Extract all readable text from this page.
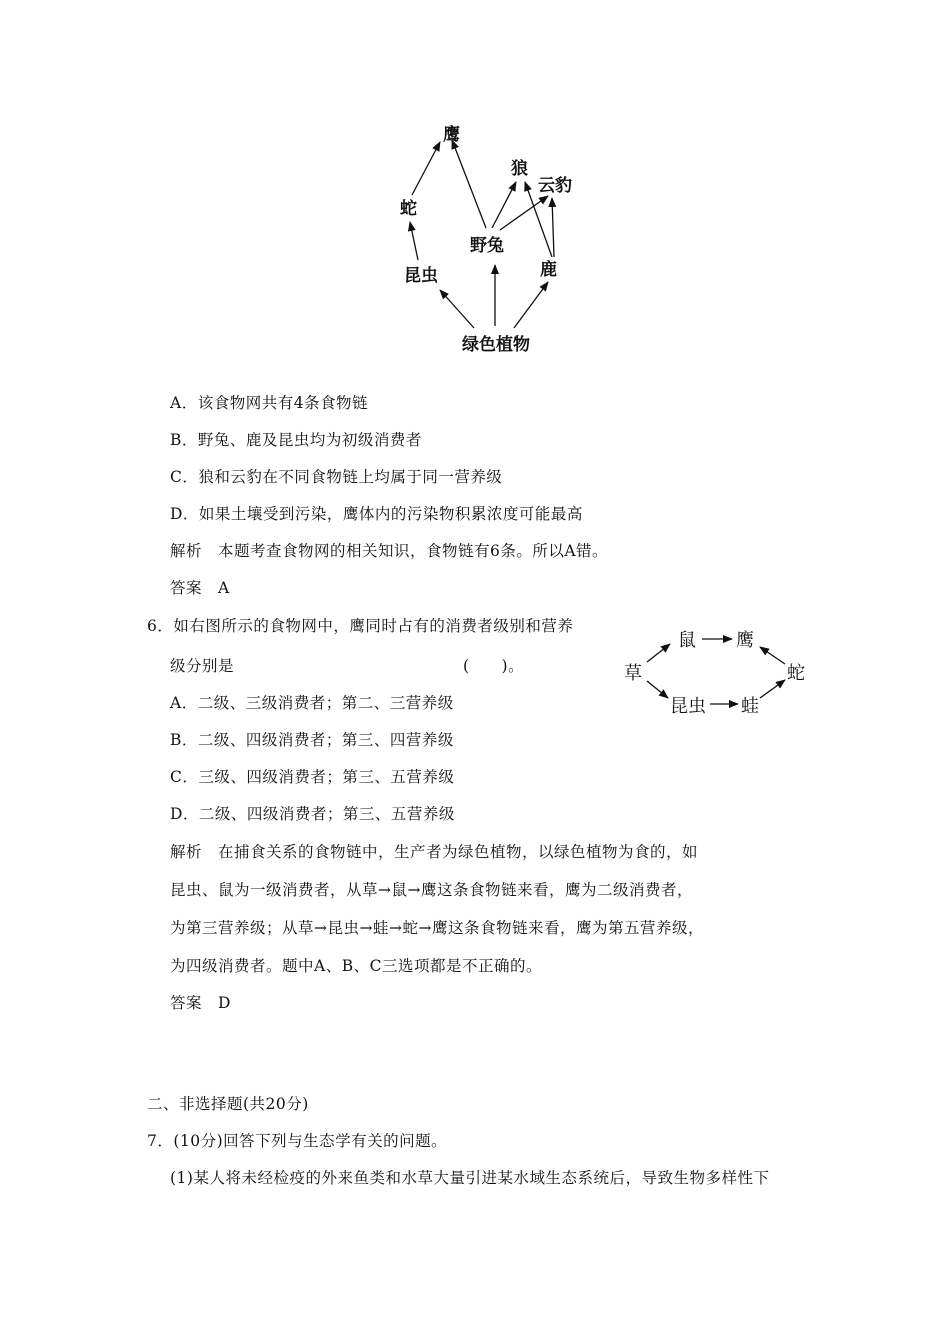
鹰
狼
云豹
蛇
野兔
鹿
昆虫
绿色植物
A．该食物网共有4条食物链
B．野兔、鹿及昆虫均为初级消费者
C．狼和云豹在不同食物链上均属于同一营养级
D．如果土壤受到污染，鹰体内的污染物积累浓度可能最高
解析　本题考查食物网的相关知识，食物链有6条。所以A错。
答案　A
6．如右图所示的食物网中，鹰同时占有的消费者级别和营养
级分别是	(　　)。
鼠 鹰
草	蛇
昆虫 蛙
A．二级、三级消费者；第二、三营养级
B．二级、四级消费者；第三、四营养级
C．三级、四级消费者；第三、五营养级
D．二级、四级消费者；第三、五营养级
解析　在捕食关系的食物链中，生产者为绿色植物，以绿色植物为食的，如
昆虫、鼠为一级消费者，从草→鼠→鹰这条食物链来看，鹰为二级消费者，
为第三营养级；从草→昆虫→蛙→蛇→鹰这条食物链来看，鹰为第五营养级，
为四级消费者。题中A、B、C三选项都是不正确的。
答案　D
二、非选择题(共20分)
7．(10分)回答下列与生态学有关的问题。
(1)某人将未经检疫的外来鱼类和水草大量引进某水域生态系统后，导致生物多样性下
